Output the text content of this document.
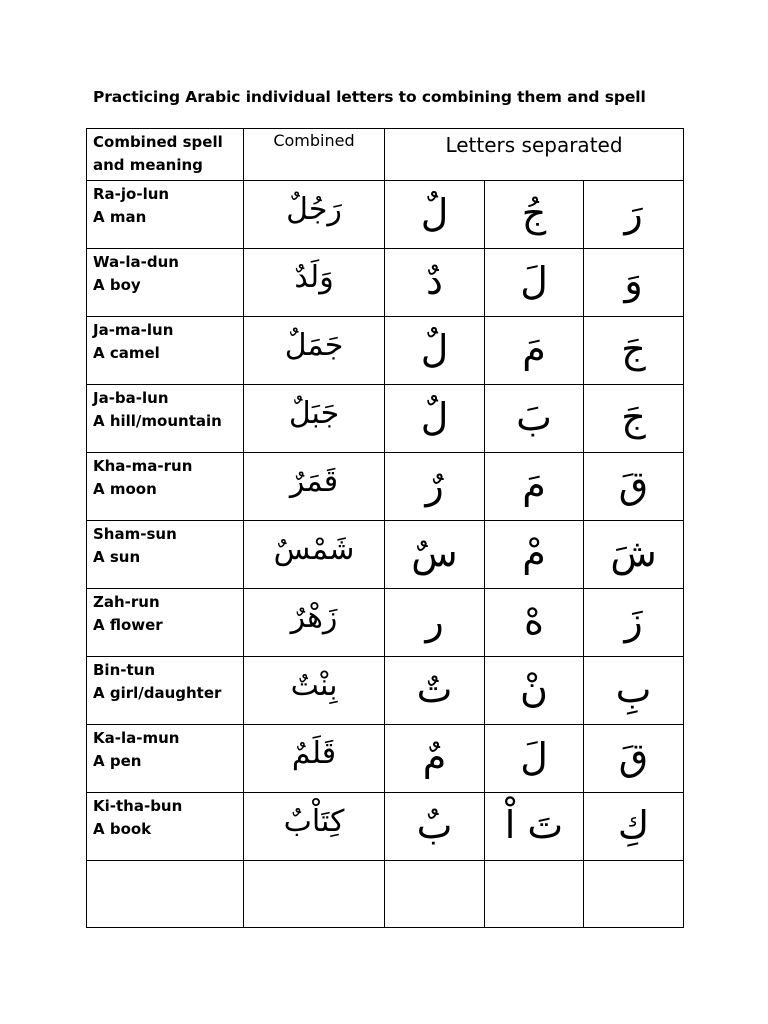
Practicing Arabic individual letters to combining them and spell
Combined spell
and meaning	Combined	Letters separated		

Ra-jo-lun
A man	رَجُلٌ	لٌ	جُ	رَ

Wa-la-dun
A boy	وَلَدٌ	دٌ	لَ	وَ

Ja-ma-lun
A camel	جَمَلٌ	لٌ	مَ	جَ

Ja-ba-lun
A hill/mountain	جَبَلٌ	لٌ	بَ	جَ

Kha-ma-run
A moon	قَمَرٌ	رٌ	مَ	قَ

Sham-sun
A sun	شَمْسٌ	سٌ	مْ	شَ

Zah-run
A flower	زَهْرٌ	ر	هْ	زَ

Bin-tun
A girl/daughter	بِنْتٌ	تٌ	نْ	بِ

Ka-la-mun
A pen	قَلَمٌ	مٌ	لَ	قَ

Ki-tha-bun
A book	كِتَاْبٌ	بٌ	تَ اْ	كِ
